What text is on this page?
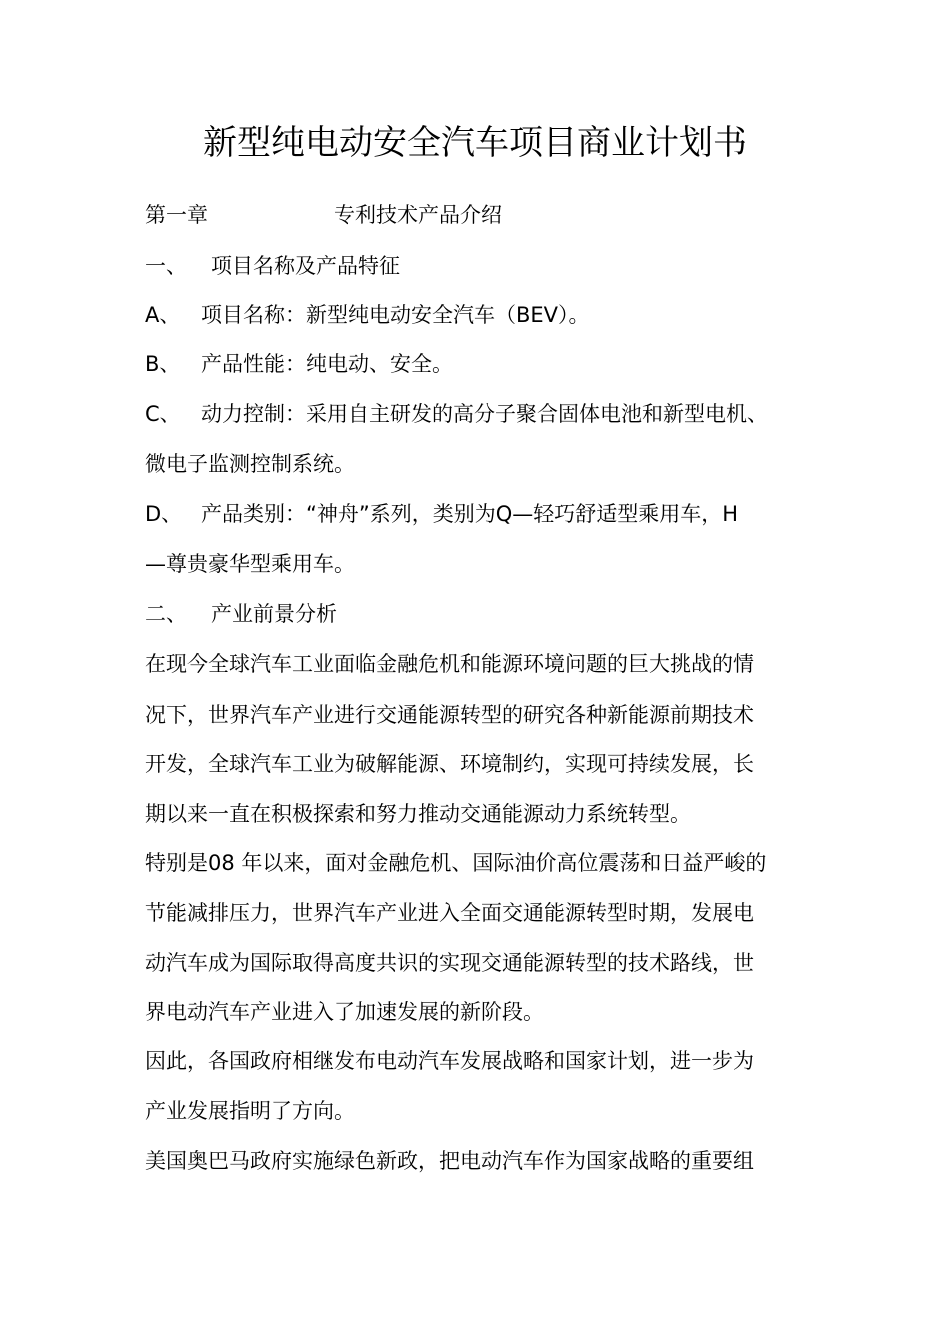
新型纯电动安全汽车项目商业计划书
第一章	专利技术产品介绍
一、 项目名称及产品特征
A、 项目名称：新型纯电动安全汽车（BEV）。
B、 产品性能：纯电动、安全。
C、 动力控制：采用自主研发的高分子聚合固体电池和新型电机、
微电子监测控制系统。
D、 产品类别：“神舟”系列，类别为Q—轻巧舒适型乘用车，H
—尊贵豪华型乘用车。
二、 产业前景分析
在现今全球汽车工业面临金融危机和能源环境问题的巨大挑战的情
况下，世界汽车产业进行交通能源转型的研究各种新能源前期技术
开发，全球汽车工业为破解能源、环境制约，实现可持续发展，长
期以来一直在积极探索和努力推动交通能源动力系统转型。
特别是08 年以来，面对金融危机、国际油价高位震荡和日益严峻的
节能减排压力，世界汽车产业进入全面交通能源转型时期，发展电
动汽车成为国际取得高度共识的实现交通能源转型的技术路线，世
界电动汽车产业进入了加速发展的新阶段。
因此，各国政府相继发布电动汽车发展战略和国家计划，进一步为
产业发展指明了方向。
美国奥巴马政府实施绿色新政，把电动汽车作为国家战略的重要组
